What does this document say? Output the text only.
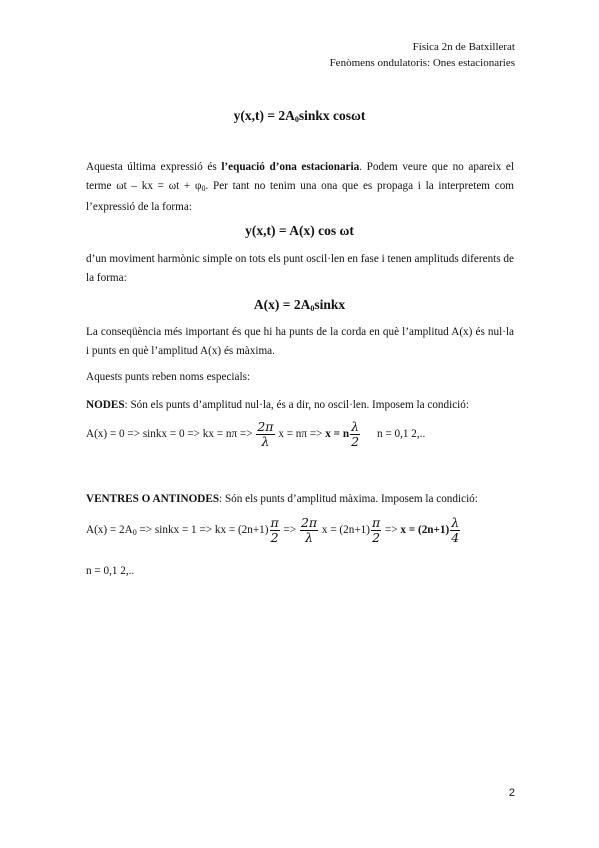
Física 2n de Batxillerat
Fenòmens ondulatoris: Ones estacionaries
$y(x,t) = 2A_0sinkx$ cosωt
Aquesta última expressió és l’equació d’ona estacionaria. Podem veure que no apareix el terme ωt – kx = $\omega t + \varphi_0$. Per tant no tenim una ona que es propaga i la interpretem com l’expressió de la forma:
y(x,t) = A(x) cos ωt
d’un moviment harmònic simple on tots els punt oscil·len en fase i tenen amplituds diferents de la forma:
$A(x) = 2A_0sinkx$
La conseqüència més important és que hi ha punts de la corda en què l’amplitud A(x) és nul·la i punts en què l’amplitud A(x) és màxima.
Aquests punts reben noms especials:
NODES: Són els punts d’amplitud nul·la, és a dir, no oscil·len. Imposem la condició:
A(x) = 0 => sinkx = 0 => kx = $n\pi => \frac{2\pi}{\lambda}$ x = nπ => x = n $\frac{\lambda}{2}$ n = 0,1 2,..
VENTRES O ANTINODES: Són els punts d’amplitud màxima. Imposem la condició:
$A(x) = 2A_0$ => sinkx = 1 => kx = $(2n+1) \frac{\pi}{2} => \frac{2\pi}{\lambda}$ $x = (2n+1) \frac{\pi}{2} => x = (2n+1) \frac{\lambda}{4}$
n = 0,1 2,..
2
